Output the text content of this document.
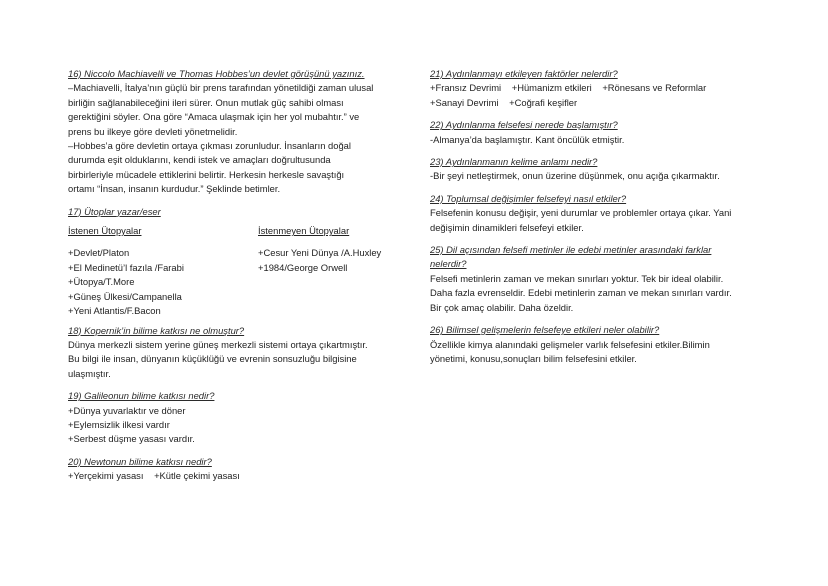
16) Niccolo Machiavelli ve Thomas Hobbes’un devlet görüşünü yazınız.

–Machiavelli, İtalya’nın güçlü bir prens tarafından yönetildiği zaman ulusal

birliğin sağlanabileceğini ileri sürer. Onun mutlak güç sahibi olması

gerektiğini söyler. Ona göre “Amaca ulaşmak için her yol mubahtır.” ve

prens bu ilkeye göre devleti yönetmelidir.

–Hobbes’a göre devletin ortaya çıkması zorunludur. İnsanların doğal

durumda eşit olduklarını, kendi istek ve amaçları doğrultusunda

birbirleriyle mücadele ettiklerini belirtir. Herkesin herkesle savaştığı

ortamı “İnsan, insanın kurdudur.” Şeklinde betimler.

17) Ütoplar yazar/eser

İstenen Ütopyalar	İstenmeyen Ütopyalar

+Devlet/Platon

+El Medinetü’l fazıla /Farabi

+Ütopya/T.More

+Güneş Ülkesi/Campanella

+Yeni Atlantis/F.Bacon

+Cesur Yeni Dünya /A.Huxley

+1984/George Orwell

18) Kopernik’in bilime katkısı ne olmuştur?

Dünya merkezli sistem yerine güneş merkezli sistemi ortaya çıkartmıştır.

Bu bilgi ile insan, dünyanın küçüklüğü ve evrenin sonsuzluğu bilgisine

ulaşmıştır.

19) Galileonun bilime katkısı nedir?

+Dünya yuvarlaktır ve döner

+Eylemsizlik ilkesi vardır

+Serbest düşme yasası vardır.

20) Newtonun bilime katkısı nedir?

+Yerçekimi yasası +Kütle çekimi yasası

21) Aydınlanmayı etkileyen faktörler nelerdir?

+Fransız Devrimi +Hümanizm etkileri +Rönesans ve Reformlar

+Sanayi Devrimi +Coğrafi keşifler

22) Aydınlanma felsefesi nerede başlamıştır?

-Almanya’da başlamıştır. Kant öncülük etmiştir.

23) Aydınlanmanın kelime anlamı nedir?

-Bir şeyi netleştirmek, onun üzerine düşünmek, onu açığa çıkarmaktır.

24) Toplumsal değişimler felsefeyi nasıl etkiler?

Felsefenin konusu değişir, yeni durumlar ve problemler ortaya çıkar. Yani

değişimin dinamikleri felsefeyi etkiler.

25) Dil açısından felsefi metinler ile edebi metinler arasındaki farklar

nelerdir?

Felsefi metinlerin zaman ve mekan sınırları yoktur. Tek bir ideal olabilir.

Daha fazla evrenseldir. Edebi metinlerin zaman ve mekan sınırları vardır.

Bir çok amaç olabilir. Daha özeldir.

26) Bilimsel gelişmelerin felsefeye etkileri neler olabilir?

Özellikle kimya alanındaki gelişmeler varlık felsefesini etkiler.Bilimin

yönetimi, konusu,sonuçları bilim felsefesini etkiler.
